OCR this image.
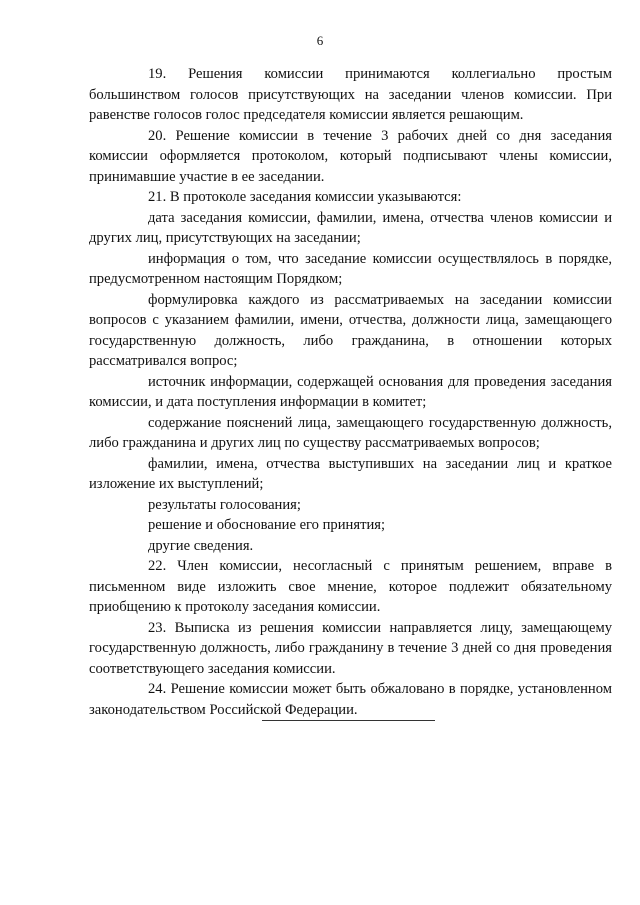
6

19. Решения комиссии принимаются коллегиально простым большинством голосов присутствующих на заседании членов комиссии. При равенстве голосов голос председателя комиссии является решающим.

20. Решение комиссии в течение 3 рабочих дней со дня заседания комиссии оформляется протоколом, который подписывают члены комиссии, принимавшие участие в ее заседании.

21. В протоколе заседания комиссии указываются:

дата заседания комиссии, фамилии, имена, отчества членов комиссии и других лиц, присутствующих на заседании;

информация о том, что заседание комиссии осуществлялось в порядке, предусмотренном настоящим Порядком;

формулировка каждого из рассматриваемых на заседании комиссии вопросов с указанием фамилии, имени, отчества, должности лица, замещающего государственную должность, либо гражданина, в отношении которых рассматривался вопрос;

источник информации, содержащей основания для проведения заседания комиссии, и дата поступления информации в комитет;

содержание пояснений лица, замещающего государственную должность, либо гражданина и других лиц по существу рассматриваемых вопросов;

фамилии, имена, отчества выступивших на заседании лиц и краткое изложение их выступлений;

результаты голосования;

решение и обоснование его принятия;

другие сведения.

22. Член комиссии, несогласный с принятым решением, вправе в письменном виде изложить свое мнение, которое подлежит обязательному приобщению к протоколу заседания комиссии.

23. Выписка из решения комиссии направляется лицу, замещающему государственную должность, либо гражданину в течение 3 дней со дня проведения соответствующего заседания комиссии.

24. Решение комиссии может быть обжаловано в порядке, установленном законодательством Российской Федерации.
